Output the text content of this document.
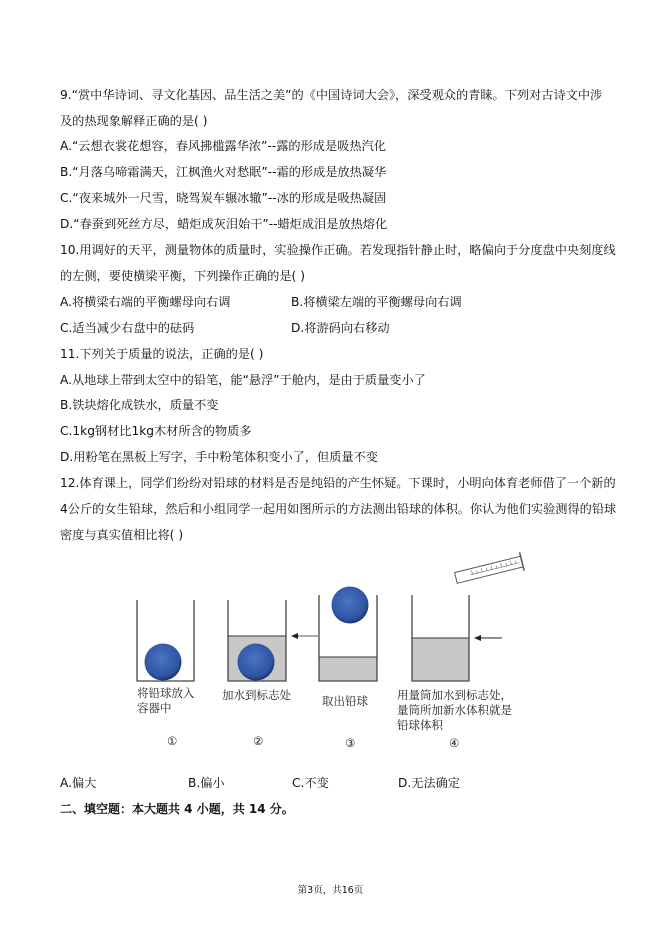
9.“赏中华诗词、寻文化基因、品生活之美”的《中国诗词大会》，深受观众的青睐。下列对古诗文中涉
及的热现象解释正确的是( )
A.“云想衣裳花想容，春风拂槛露华浓”--露的形成是吸热汽化
B.“月落乌啼霜满天，江枫渔火对愁眠”--霜的形成是放热凝华
C.“夜来城外一尺雪，晓驾炭车辗冰辙”--冰的形成是吸热凝固
D.“春蚕到死丝方尽，蜡炬成灰泪始干”--蜡炬成泪是放热熔化
10.用调好的天平，测量物体的质量时，实验操作正确。若发现指针静止时，略偏向于分度盘中央刻度线
的左侧，要使横梁平衡，下列操作正确的是( )
A.将横梁右端的平衡螺母向右调	B.将横梁左端的平衡螺母向右调
C.适当减少右盘中的砝码	D.将游码向右移动
11.下列关于质量的说法，正确的是( )
A.从地球上带到太空中的铅笔，能“悬浮”于舱内，是由于质量变小了
B.铁块熔化成铁水，质量不变
C.1kg钢材比1kg木材所含的物质多
D.用粉笔在黑板上写字，手中粉笔体积变小了，但质量不变
12.体育课上，同学们纷纷对铅球的材料是否是纯铅的产生怀疑。下课时，小明向体育老师借了一个新的
4公斤的女生铅球，然后和小组同学一起用如图所示的方法测出铅球的体积。你认为他们实验测得的铅球
密度与真实值相比将( )
将铅球放入
容器中
加水到标志处	取出铅球	用量筒加水到标志处，
量筒所加新水体积就是
铅球体积
①	②	③	④
A.偏大	B.偏小	C.不变	D.无法确定
二、填空题：本大题共 4 小题，共 14 分。
第3页，共16页
